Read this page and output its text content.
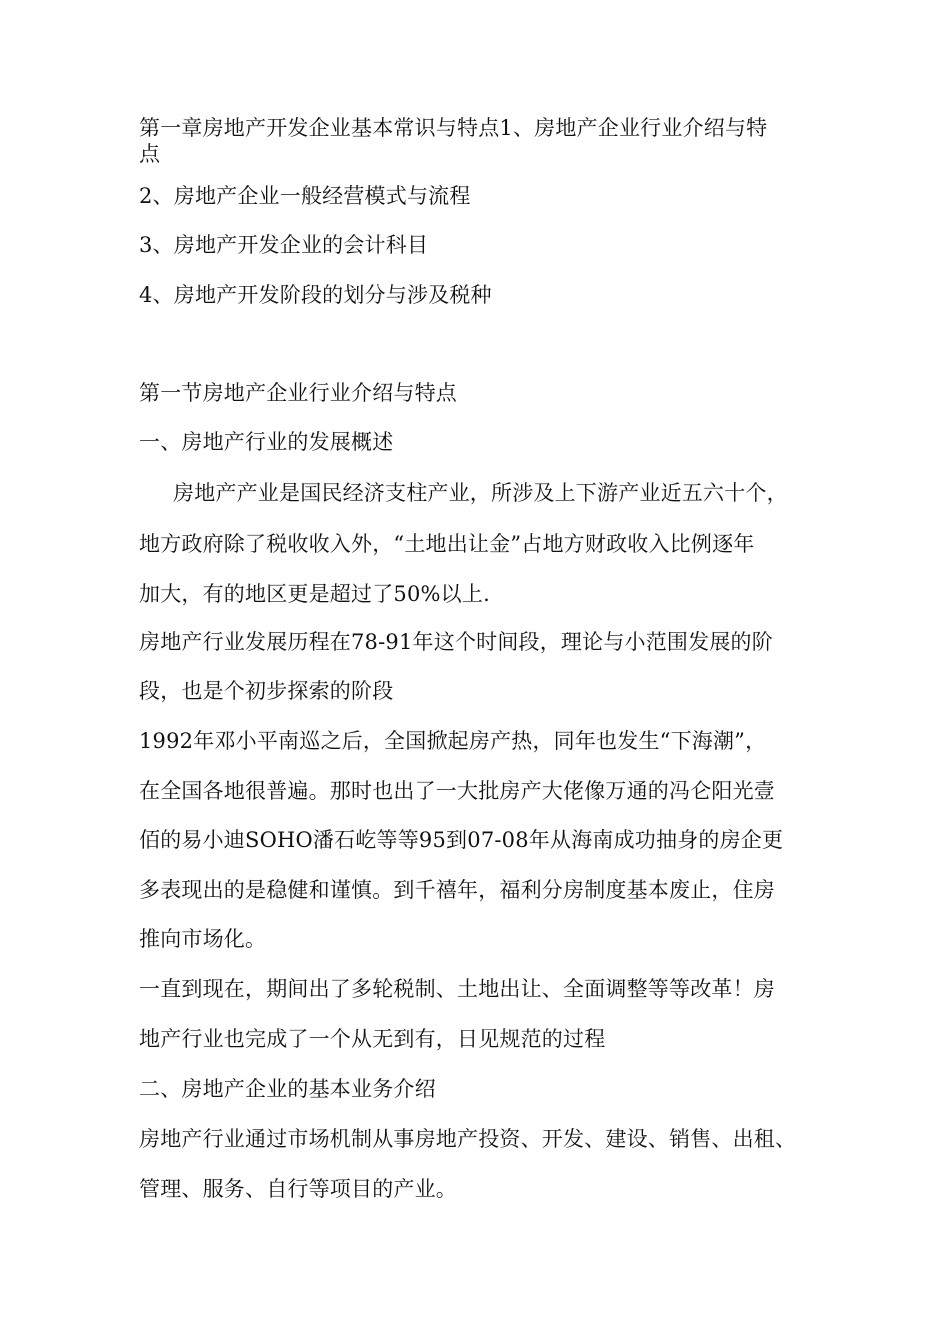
第一章房地产开发企业基本常识与特点1、房地产企业行业介绍与特
点
2、房地产企业一般经营模式与流程
3、房地产开发企业的会计科目
4、房地产开发阶段的划分与涉及税种
第一节房地产企业行业介绍与特点
一、房地产行业的发展概述
房地产产业是国民经济支柱产业，所涉及上下游产业近五六十个，
地方政府除了税收收入外，“土地出让金”占地方财政收入比例逐年
加大，有的地区更是超过了50%以上.
房地产行业发展历程在78-91年这个时间段，理论与小范围发展的阶
段，也是个初步探索的阶段
1992年邓小平南巡之后，全国掀起房产热，同年也发生“下海潮”，
在全国各地很普遍。那时也出了一大批房产大佬像万通的冯仑阳光壹
佰的易小迪SOHO潘石屹等等95到07-08年从海南成功抽身的房企更
多表现出的是稳健和谨慎。到千禧年，福利分房制度基本废止，住房
推向市场化。
一直到现在，期间出了多轮税制、土地出让、全面调整等等改革！房
地产行业也完成了一个从无到有，日见规范的过程
二、房地产企业的基本业务介绍
房地产行业通过市场机制从事房地产投资、开发、建设、销售、出租、
管理、服务、自行等项目的产业。
